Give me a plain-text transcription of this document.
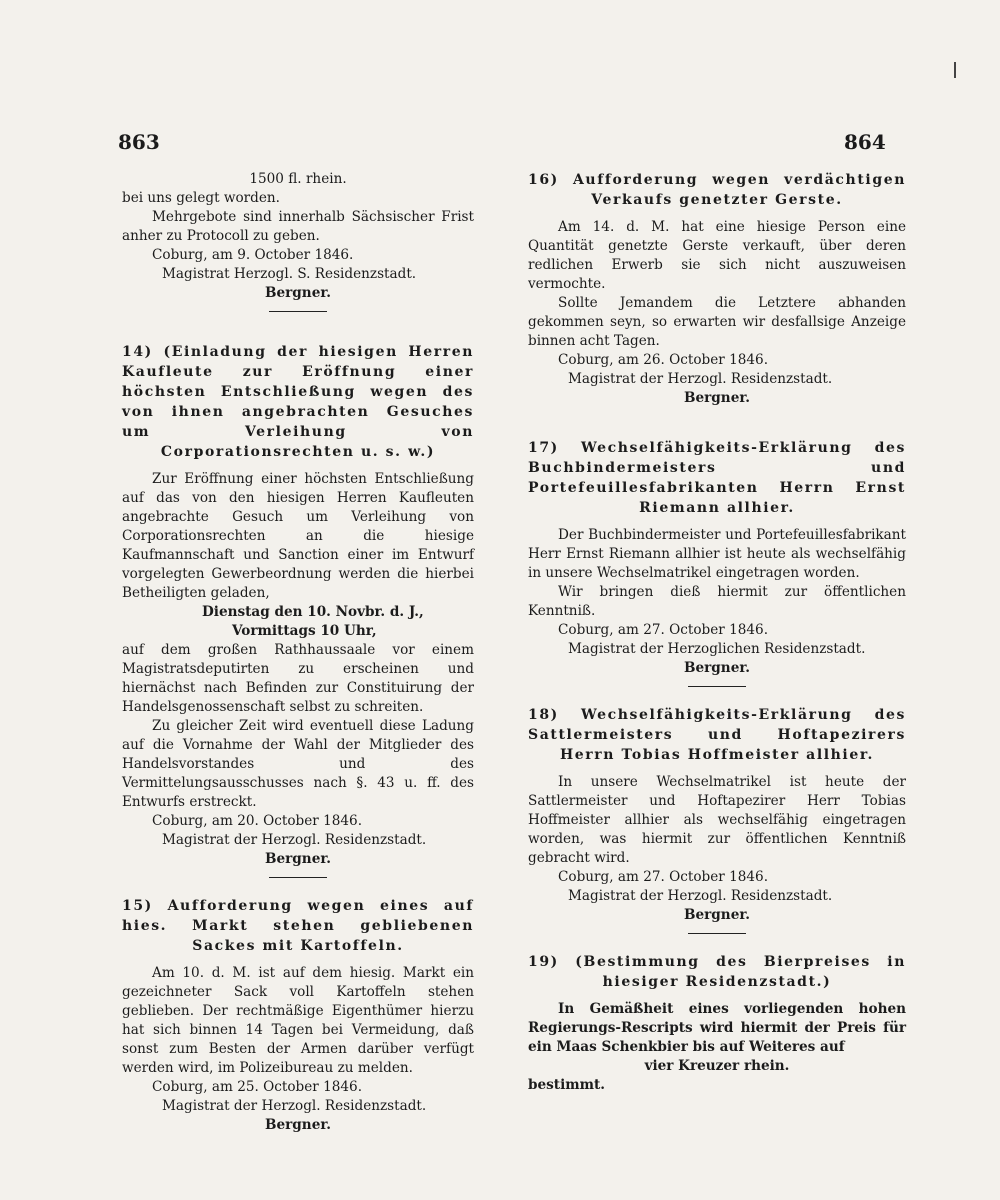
863	864

1500 fl. rhein.

bei uns gelegt worden.

Mehrgebote sind innerhalb Sächsischer Frist anher zu Protocoll zu geben.

Coburg, am 9. October 1846.

Magistrat Herzogl. S. Residenzstadt.

Bergner.

14) (Einladung der hiesigen Herren Kaufleute zur Eröffnung einer höchsten Entschließung wegen des von ihnen angebrachten Gesuches um Verleihung von Corporationsrechten u. s. w.)

Zur Eröffnung einer höchsten Entschließung auf das von den hiesigen Herren Kaufleuten angebrachte Gesuch um Verleihung von Corporationsrechten an die hiesige Kaufmannschaft und Sanction einer im Entwurf vorgelegten Gewerbeordnung werden die hierbei Betheiligten geladen,

Dienstag den 10. Novbr. d. J.,

Vormittags 10 Uhr,

auf dem großen Rathhaussaale vor einem Magistratsdeputirten zu erscheinen und hiernächst nach Befinden zur Constituirung der Handelsgenossenschaft selbst zu schreiten.

Zu gleicher Zeit wird eventuell diese Ladung auf die Vornahme der Wahl der Mitglieder des Handelsvorstandes und des Vermittelungsausschusses nach §. 43 u. ff. des Entwurfs erstreckt.

Coburg, am 20. October 1846.

Magistrat der Herzogl. Residenzstadt.

Bergner.

15) Aufforderung wegen eines auf hies. Markt stehen gebliebenen Sackes mit Kartoffeln.

Am 10. d. M. ist auf dem hiesig. Markt ein gezeichneter Sack voll Kartoffeln stehen geblieben. Der rechtmäßige Eigenthümer hierzu hat sich binnen 14 Tagen bei Vermeidung, daß sonst zum Besten der Armen darüber verfügt werden wird, im Polizeibureau zu melden.

Coburg, am 25. October 1846.

Magistrat der Herzogl. Residenzstadt.

Bergner.

16) Aufforderung wegen verdächtigen Verkaufs genetzter Gerste.

Am 14. d. M. hat eine hiesige Person eine Quantität genetzte Gerste verkauft, über deren redlichen Erwerb sie sich nicht auszuweisen vermochte.

Sollte Jemandem die Letztere abhanden gekommen seyn, so erwarten wir desfallsige Anzeige binnen acht Tagen.

Coburg, am 26. October 1846.

Magistrat der Herzogl. Residenzstadt.

Bergner.

17) Wechselfähigkeits-Erklärung des Buchbindermeisters und Portefeuillesfabrikanten Herrn Ernst Riemann allhier.

Der Buchbindermeister und Portefeuillesfabrikant Herr Ernst Riemann allhier ist heute als wechselfähig in unsere Wechselmatrikel eingetragen worden.

Wir bringen dieß hiermit zur öffentlichen Kenntniß.

Coburg, am 27. October 1846.

Magistrat der Herzoglichen Residenzstadt.

Bergner.

18) Wechselfähigkeits-Erklärung des Sattlermeisters und Hoftapezirers Herrn Tobias Hoffmeister allhier.

In unsere Wechselmatrikel ist heute der Sattlermeister und Hoftapezirer Herr Tobias Hoffmeister allhier als wechselfähig eingetragen worden, was hiermit zur öffentlichen Kenntniß gebracht wird.

Coburg, am 27. October 1846.

Magistrat der Herzogl. Residenzstadt.

Bergner.

19) (Bestimmung des Bierpreises in hiesiger Residenzstadt.)

In Gemäßheit eines vorliegenden hohen Regierungs-Rescripts wird hiermit der Preis für ein Maas Schenkbier bis auf Weiteres auf

vier Kreuzer rhein.

bestimmt.
